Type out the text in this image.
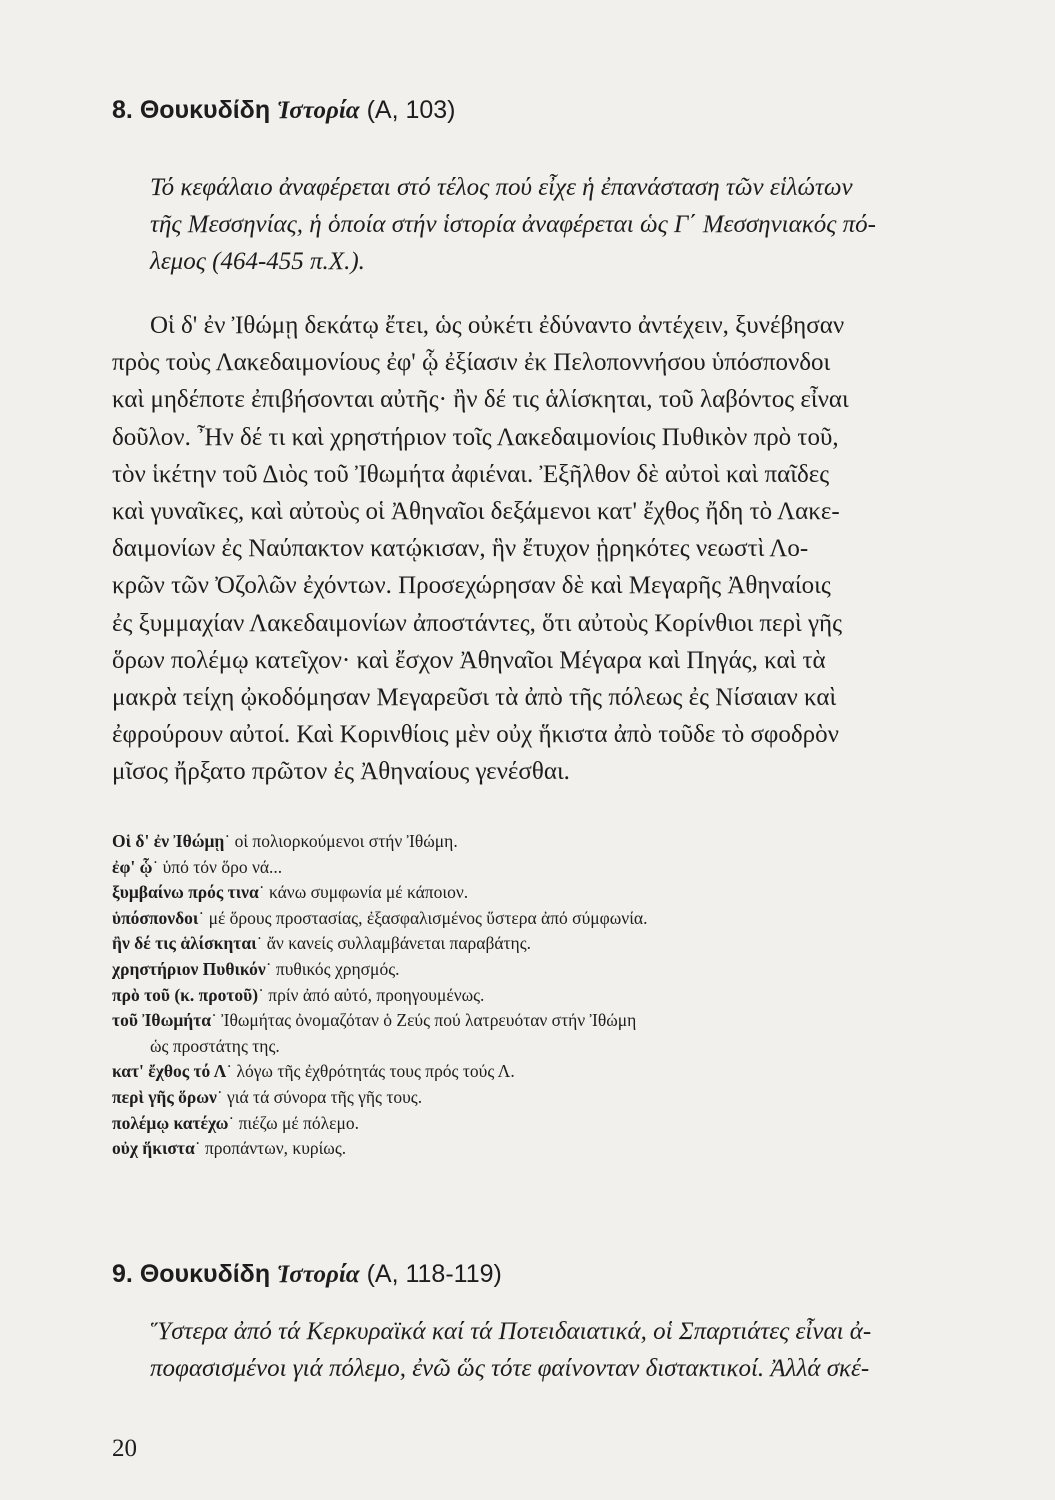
8. Θουκυδίδη Ἱστορία (Α, 103)
Τό κεφάλαιο ἀναφέρεται στό τέλος πού εἶχε ἡ ἐπανάσταση τῶν εἱλώτων
τῆς Μεσσηνίας, ἡ ὁποία στήν ἱστορία ἀναφέρεται ὡς Γ΄ Μεσσηνιακός πό-
λεμος (464-455 π.Χ.).
Οἱ δ' ἐν Ἰθώμῃ δεκάτῳ ἔτει, ὡς οὐκέτι ἐδύναντο ἀντέχειν, ξυνέβησαν
πρὸς τοὺς Λακεδαιμονίους ἐφ' ᾧ ἐξίασιν ἐκ Πελοποννήσου ὑπόσπονδοι
καὶ μηδέποτε ἐπιβήσονται αὐτῆς· ἢν δέ τις ἁλίσκηται, τοῦ λαβόντος εἶναι
δοῦλον. Ἦν δέ τι καὶ χρηστήριον τοῖς Λακεδαιμονίοις Πυθικὸν πρὸ τοῦ,
τὸν ἱκέτην τοῦ Διὸς τοῦ Ἰθωμήτα ἀφιέναι. Ἐξῆλθον δὲ αὐτοὶ καὶ παῖδες
καὶ γυναῖκες, καὶ αὐτοὺς οἱ Ἀθηναῖοι δεξάμενοι κατ' ἔχθος ἤδη τὸ Λακε-
δαιμονίων ἐς Ναύπακτον κατῴκισαν, ἣν ἔτυχον ᾑρηκότες νεωστὶ Λο-
κρῶν τῶν Ὀζολῶν ἐχόντων. Προσεχώρησαν δὲ καὶ Μεγαρῆς Ἀθηναίοις
ἐς ξυμμαχίαν Λακεδαιμονίων ἀποστάντες, ὅτι αὐτοὺς Κορίνθιοι περὶ γῆς
ὅρων πολέμῳ κατεῖχον· καὶ ἔσχον Ἀθηναῖοι Μέγαρα καὶ Πηγάς, καὶ τὰ
μακρὰ τείχη ᾠκοδόμησαν Μεγαρεῦσι τὰ ἀπὸ τῆς πόλεως ἐς Νίσαιαν καὶ
ἐφρούρουν αὐτοί. Καὶ Κορινθίοις μὲν οὐχ ἥκιστα ἀπὸ τοῦδε τὸ σφοδρὸν
μῖσος ἤρξατο πρῶτον ἐς Ἀθηναίους γενέσθαι.
Οἱ δ' ἐν Ἰθώμῃ˙ οἱ πολιορκούμενοι στήν Ἰθώμη.
ἐφ' ᾧ˙ ὑπό τόν ὅρο νά...
ξυμβαίνω πρός τινα˙ κάνω συμφωνία μέ κάποιον.
ὑπόσπονδοι˙ μέ ὅρους προστασίας, ἐξασφαλισμένος ὕστερα ἀπό σύμφωνία.
ἢν δέ τις ἁλίσκηται˙ ἄν κανείς συλλαμβάνεται παραβάτης.
χρηστήριον Πυθικόν˙ πυθικός χρησμός.
πρὸ τοῦ (κ. προτοῦ)˙ πρίν ἀπό αὐτό, προηγουμένως.
τοῦ Ἰθωμήτα˙ Ἰθωμήτας ὀνομαζόταν ὁ Ζεύς πού λατρευόταν στήν Ἰθώμη
ὡς προστάτης της.
κατ' ἔχθος τό Λ˙ λόγω τῆς ἐχθρότητάς τους πρός τούς Λ.
περὶ γῆς ὅρων˙ γιά τά σύνορα τῆς γῆς τους.
πολέμῳ κατέχω˙ πιέζω μέ πόλεμο.
οὐχ ἥκιστα˙ προπάντων, κυρίως.
9. Θουκυδίδη Ἱστορία (Α, 118-119)
Ὕστερα ἀπό τά Κερκυραϊκά καί τά Ποτειδαιατικά, οἱ Σπαρτιάτες εἶναι ἀ-
ποφασισμένοι γιά πόλεμο, ἐνῶ ὥς τότε φαίνονταν διστακτικοί. Ἀλλά σκέ-
20
